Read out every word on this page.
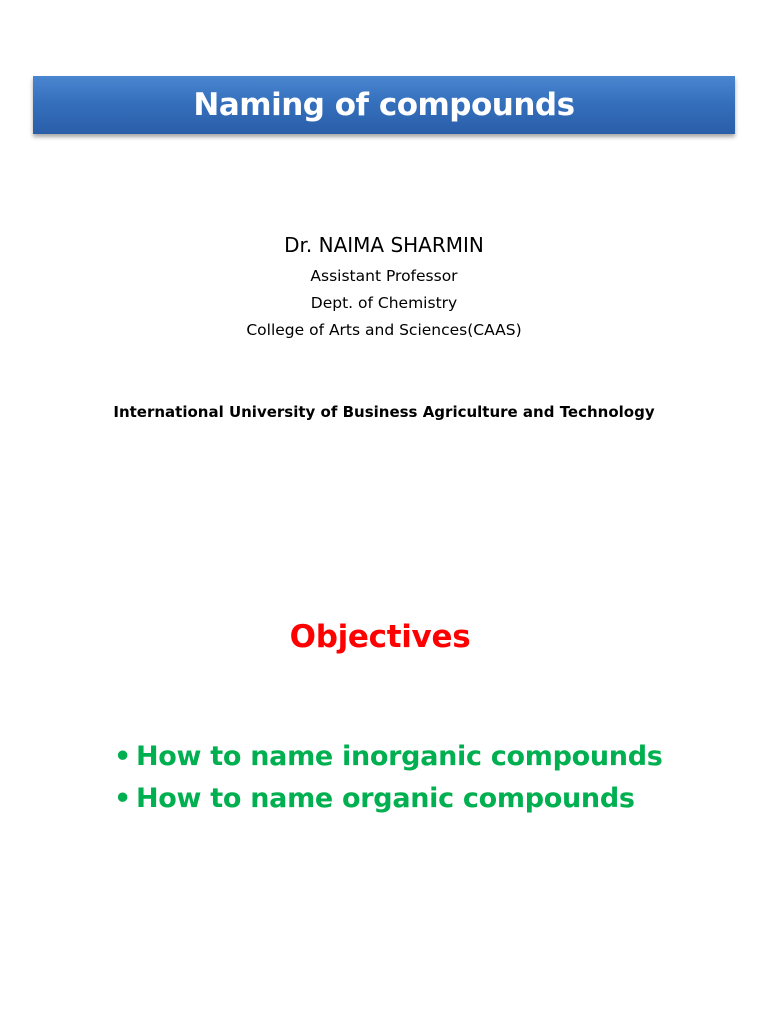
Naming of compounds
Dr. NAIMA SHARMIN
Assistant Professor
Dept. of Chemistry
College of Arts and Sciences(CAAS)
International University of Business Agriculture and Technology
Objectives
• How to name inorganic compounds
• How to name organic compounds
